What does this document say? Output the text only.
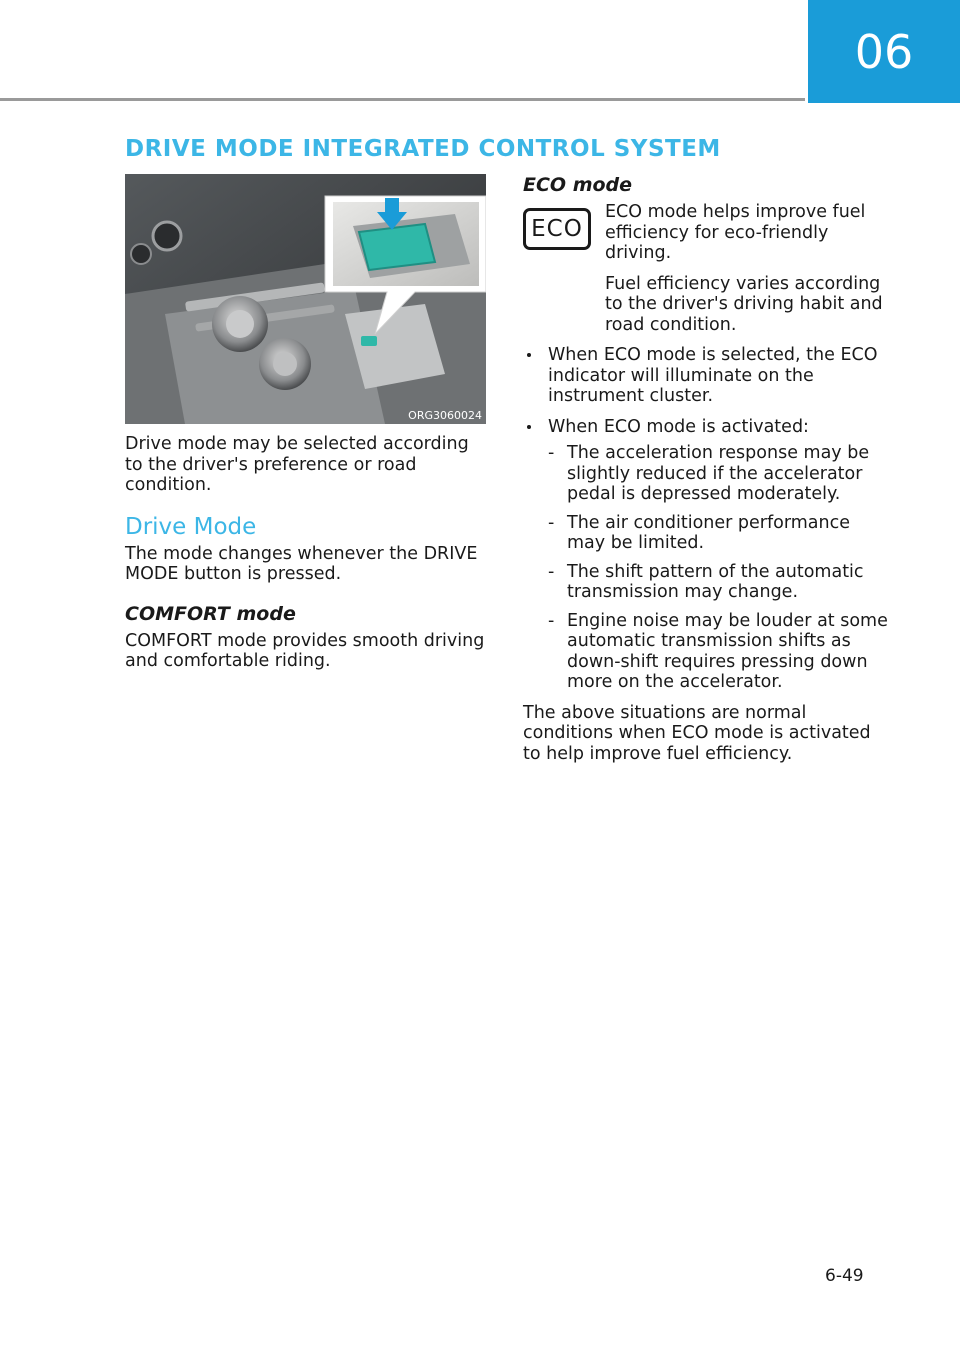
06
DRIVE MODE INTEGRATED CONTROL SYSTEM
ORG3060024

Drive mode may be selected according to the driver's preference or road condition.

Drive Mode

The mode changes whenever the DRIVE MODE button is pressed.

COMFORT mode

COMFORT mode provides smooth driving and comfortable riding.

ECO mode
ECO

ECO mode helps improve fuel efficiency for eco-friendly driving.

Fuel efficiency varies according to the driver's driving habit and road condition.

When ECO mode is selected, the ECO indicator will illuminate on the instrument cluster.
When ECO mode is activated:
- The acceleration response may be slightly reduced if the accelerator pedal is depressed moderately.
- The air conditioner performance may be limited.
- The shift pattern of the automatic transmission may change.
- Engine noise may be louder at some automatic transmission shifts as down-shift requires pressing down more on the accelerator.

The above situations are normal conditions when ECO mode is activated to help improve fuel efficiency.

6-49
